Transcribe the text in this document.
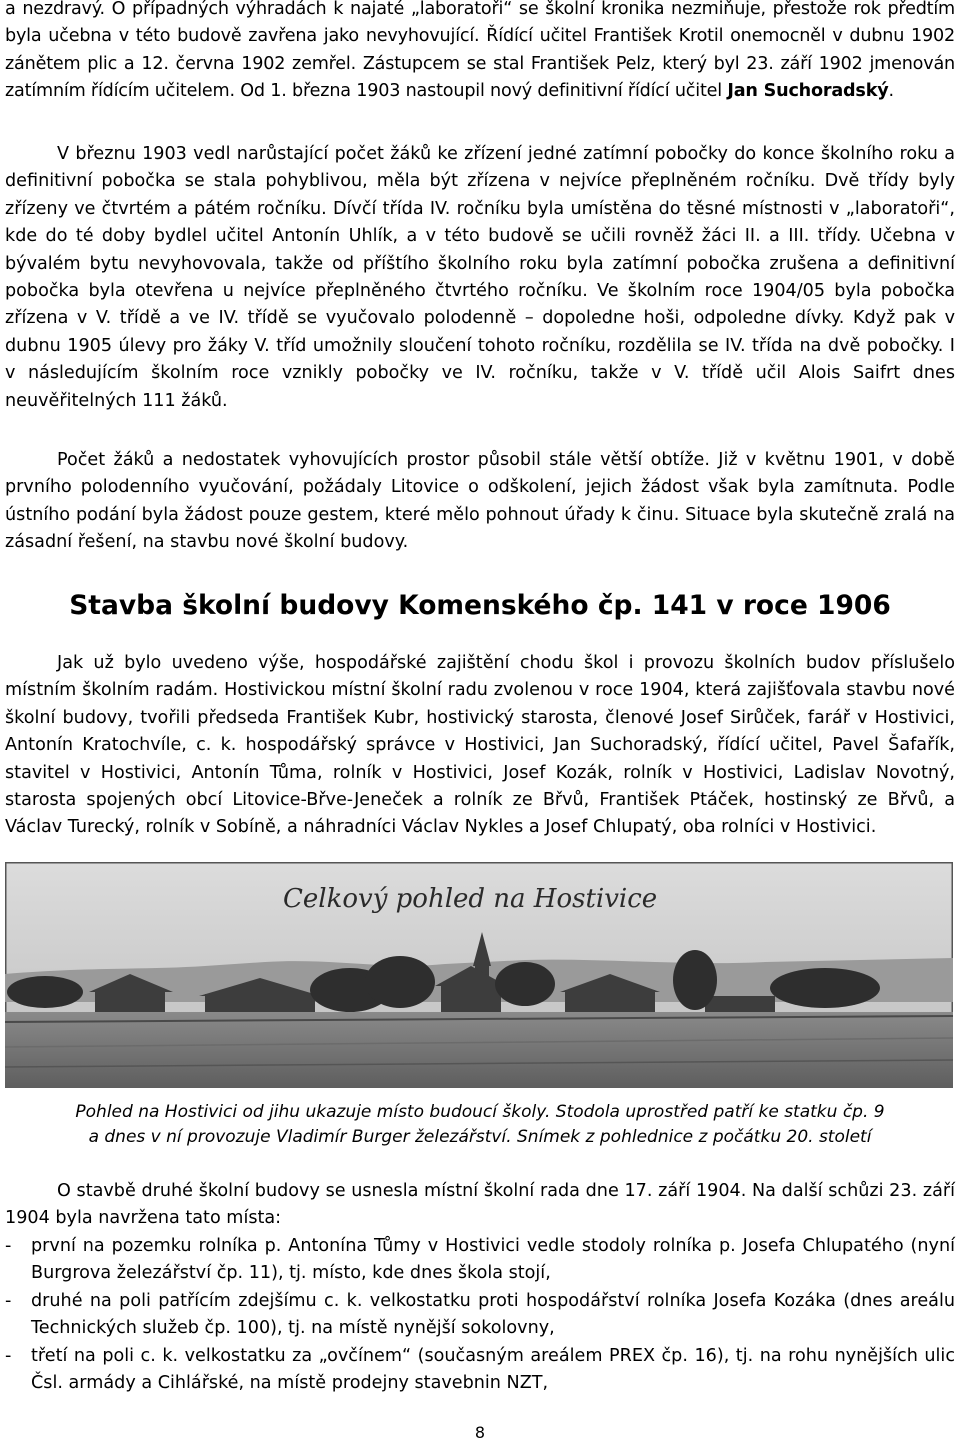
a nezdravý. O případných výhradách k najaté „laboratoři“ se školní kronika nezmiňuje, přestože rok předtím byla učebna v této budově zavřena jako nevyhovující. Řídící učitel František Krotil onemocněl v dubnu 1902 zánětem plic a 12. června 1902 zemřel. Zástupcem se stal František Pelz, který byl 23. září 1902 jmenován zatímním řídícím učitelem. Od 1. března 1903 nastoupil nový definitivní řídící učitel Jan Suchoradský.

V březnu 1903 vedl narůstající počet žáků ke zřízení jedné zatímní pobočky do konce školního roku a definitivní pobočka se stala pohyblivou, měla být zřízena v nejvíce přeplněném ročníku. Dvě třídy byly zřízeny ve čtvrtém a pátém ročníku. Dívčí třída IV. ročníku byla umístěna do těsné místnosti v „laboratoři“, kde do té doby bydlel učitel Antonín Uhlík, a v této budově se učili rovněž žáci II. a III. třídy. Učebna v bývalém bytu nevyhovovala, takže od příštího školního roku byla zatímní pobočka zrušena a definitivní pobočka byla otevřena u nejvíce přeplněného čtvrtého ročníku. Ve školním roce 1904/05 byla pobočka zřízena v V. třídě a ve IV. třídě se vyučovalo polodenně – dopoledne hoši, odpoledne dívky. Když pak v dubnu 1905 úlevy pro žáky V. tříd umožnily sloučení tohoto ročníku, rozdělila se IV. třída na dvě pobočky. I v následujícím školním roce vznikly pobočky ve IV. ročníku, takže v V. třídě učil Alois Saifrt dnes neuvěřitelných 111 žáků.

Počet žáků a nedostatek vyhovujících prostor působil stále větší obtíže. Již v květnu 1901, v době prvního polodenního vyučování, požádaly Litovice o odškolení, jejich žádost však byla zamítnuta. Podle ústního podání byla žádost pouze gestem, které mělo pohnout úřady k činu. Situace byla skutečně zralá na zásadní řešení, na stavbu nové školní budovy.

Stavba školní budovy Komenského čp. 141 v roce 1906

Jak už bylo uvedeno výše, hospodářské zajištění chodu škol i provozu školních budov příslušelo místním školním radám. Hostivickou místní školní radu zvolenou v roce 1904, která zajišťovala stavbu nové školní budovy, tvořili předseda František Kubr, hostivický starosta, členové Josef Sirůček, farář v Hostivici, Antonín Kratochvíle, c. k. hospodářský správce v Hostivici, Jan Suchoradský, řídící učitel, Pavel Šafařík, stavitel v Hostivici, Antonín Tůma, rolník v Hostivici, Josef Kozák, rolník v Hostivici, Ladislav Novotný, starosta spojených obcí Litovice-Břve-Jeneček a rolník ze Břvů, František Ptáček, hostinský ze Břvů, a Václav Turecký, rolník v Sobíně, a náhradníci Václav Nykles a Josef Chlupatý, oba rolníci v Hostivici.

Celkový pohled na Hostivice

Pohled na Hostivici od jihu ukazuje místo budoucí školy. Stodola uprostřed patří ke statku čp. 9
a dnes v ní provozuje Vladimír Burger železářství. Snímek z pohlednice z počátku 20. století

O stavbě druhé školní budovy se usnesla místní školní rada dne 17. září 1904. Na další schůzi 23. září 1904 byla navržena tato místa:

- první na pozemku rolníka p. Antonína Tůmy v Hostivici vedle stodoly rolníka p. Josefa Chlupatého (nyní Burgrova železářství čp. 11), tj. místo, kde dnes škola stojí,
- druhé na poli patřícím zdejšímu c. k. velkostatku proti hospodářství rolníka Josefa Kozáka (dnes areálu Technických služeb čp. 100), tj. na místě nynější sokolovny,
- třetí na poli c. k. velkostatku za „ovčínem“ (současným areálem PREX čp. 16), tj. na rohu nynějších ulic Čsl. armády a Cihlářské, na místě prodejny stavebnin NZT,
8
